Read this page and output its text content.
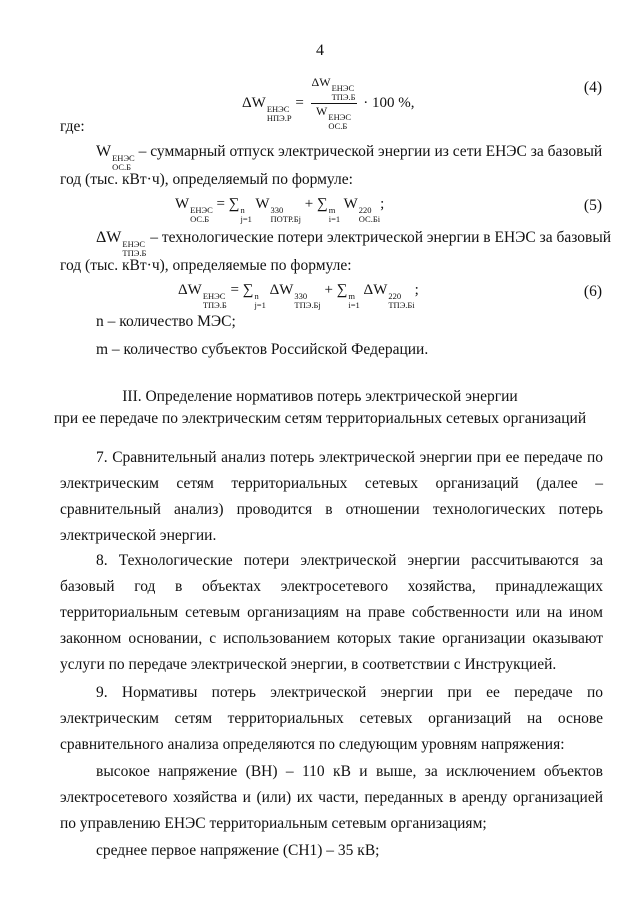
4
ΔW ЕНЭС
НПЭ.Р
= ΔW ЕНЭС
ТПЭ.Б
W ЕНЭС
ОС.Б · 100 %,
(4)
где:
W ЕНЭС
ОС.Б
– суммарный отпуск электрической энергии из сети ЕНЭС за базовый
год (тыс. кВт·ч), определяемый по формуле:
W ЕНЭС
ОС.Б
= ∑ n
j=1
W 330
ПОТР.Бj
+ ∑ m
i=1
W 220
ОС.Бi
;	(5)
ΔW ЕНЭС
ТПЭ.Б
– технологические потери электрической энергии в ЕНЭС за базовый
год (тыс. кВт·ч), определяемые по формуле:
ΔW ЕНЭС
ТПЭ.Б
= ∑ n
j=1
ΔW 330
ТПЭ.Бj
+ ∑ m
i=1
ΔW 220
ТПЭ.Бi
;	(6)
n – количество МЭС;
m – количество субъектов Российской Федерации.
III. Определение нормативов потерь электрической энергии
при ее передаче по электрическим сетям территориальных сетевых организаций
7. Сравнительный анализ потерь электрической энергии при ее передаче по электрическим сетям территориальных сетевых организаций (далее – сравнительный анализ) проводится в отношении технологических потерь электрической энергии.
8. Технологические потери электрической энергии рассчитываются за базовый год в объектах электросетевого хозяйства, принадлежащих территориальным сетевым организациям на праве собственности или на ином законном основании, с использованием которых такие организации оказывают услуги по передаче электрической энергии, в соответствии с Инструкцией.
9. Нормативы потерь электрической энергии при ее передаче по электрическим сетям территориальных сетевых организаций на основе сравнительного анализа определяются по следующим уровням напряжения:
высокое напряжение (ВН) – 110 кВ и выше, за исключением объектов электросетевого хозяйства и (или) их части, переданных в аренду организацией по управлению ЕНЭС территориальным сетевым организациям;
среднее первое напряжение (СН1) – 35 кВ;
